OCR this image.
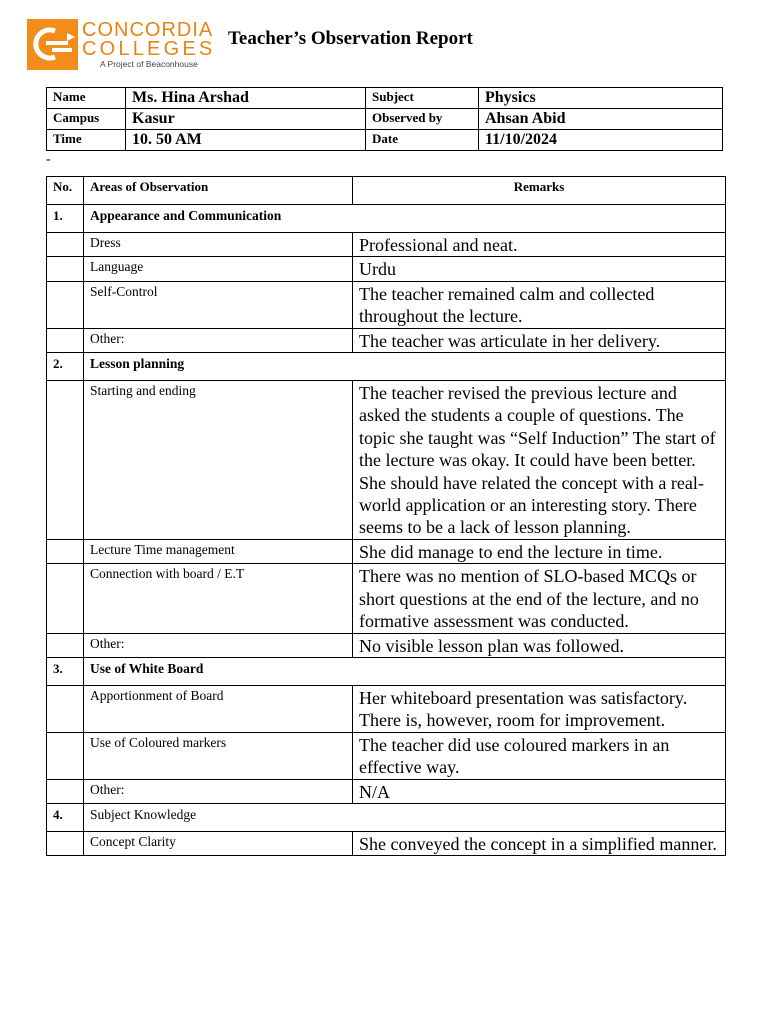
CONCORDIA
COLLEGES
A Project of Beaconhouse
Teacher’s Observation Report
Name	Ms. Hina Arshad	Subject	Physics
Campus	Kasur	Observed by	Ahsan Abid
Time	10. 50 AM	Date	11/10/2024
-
No.	Areas of Observation	Remarks
1.	Appearance and Communication	
	Dress	Professional and neat.
	Language	Urdu
	Self-Control	The teacher remained calm and collected throughout the lecture.
	Other:	The teacher was articulate in her delivery.
2.	Lesson planning	
	Starting and ending	The teacher revised the previous lecture and asked the students a couple of questions. The topic she taught was “Self Induction” The start of the lecture was okay. It could have been better. She should have related the concept with a real-world application or an interesting story. There seems to be a lack of lesson planning.
	Lecture Time management	She did manage to end the lecture in time.
	Connection with board / E.T	There was no mention of SLO-based MCQs or short questions at the end of the lecture, and no formative assessment was conducted.
	Other:	No visible lesson plan was followed.
3.	Use of White Board	
	Apportionment of Board	Her whiteboard presentation was satisfactory. There is, however, room for improvement.
	Use of Coloured markers	The teacher did use coloured markers in an effective way.
	Other:	N/A
4.	Subject Knowledge	
	Concept Clarity	She conveyed the concept in a simplified manner.
